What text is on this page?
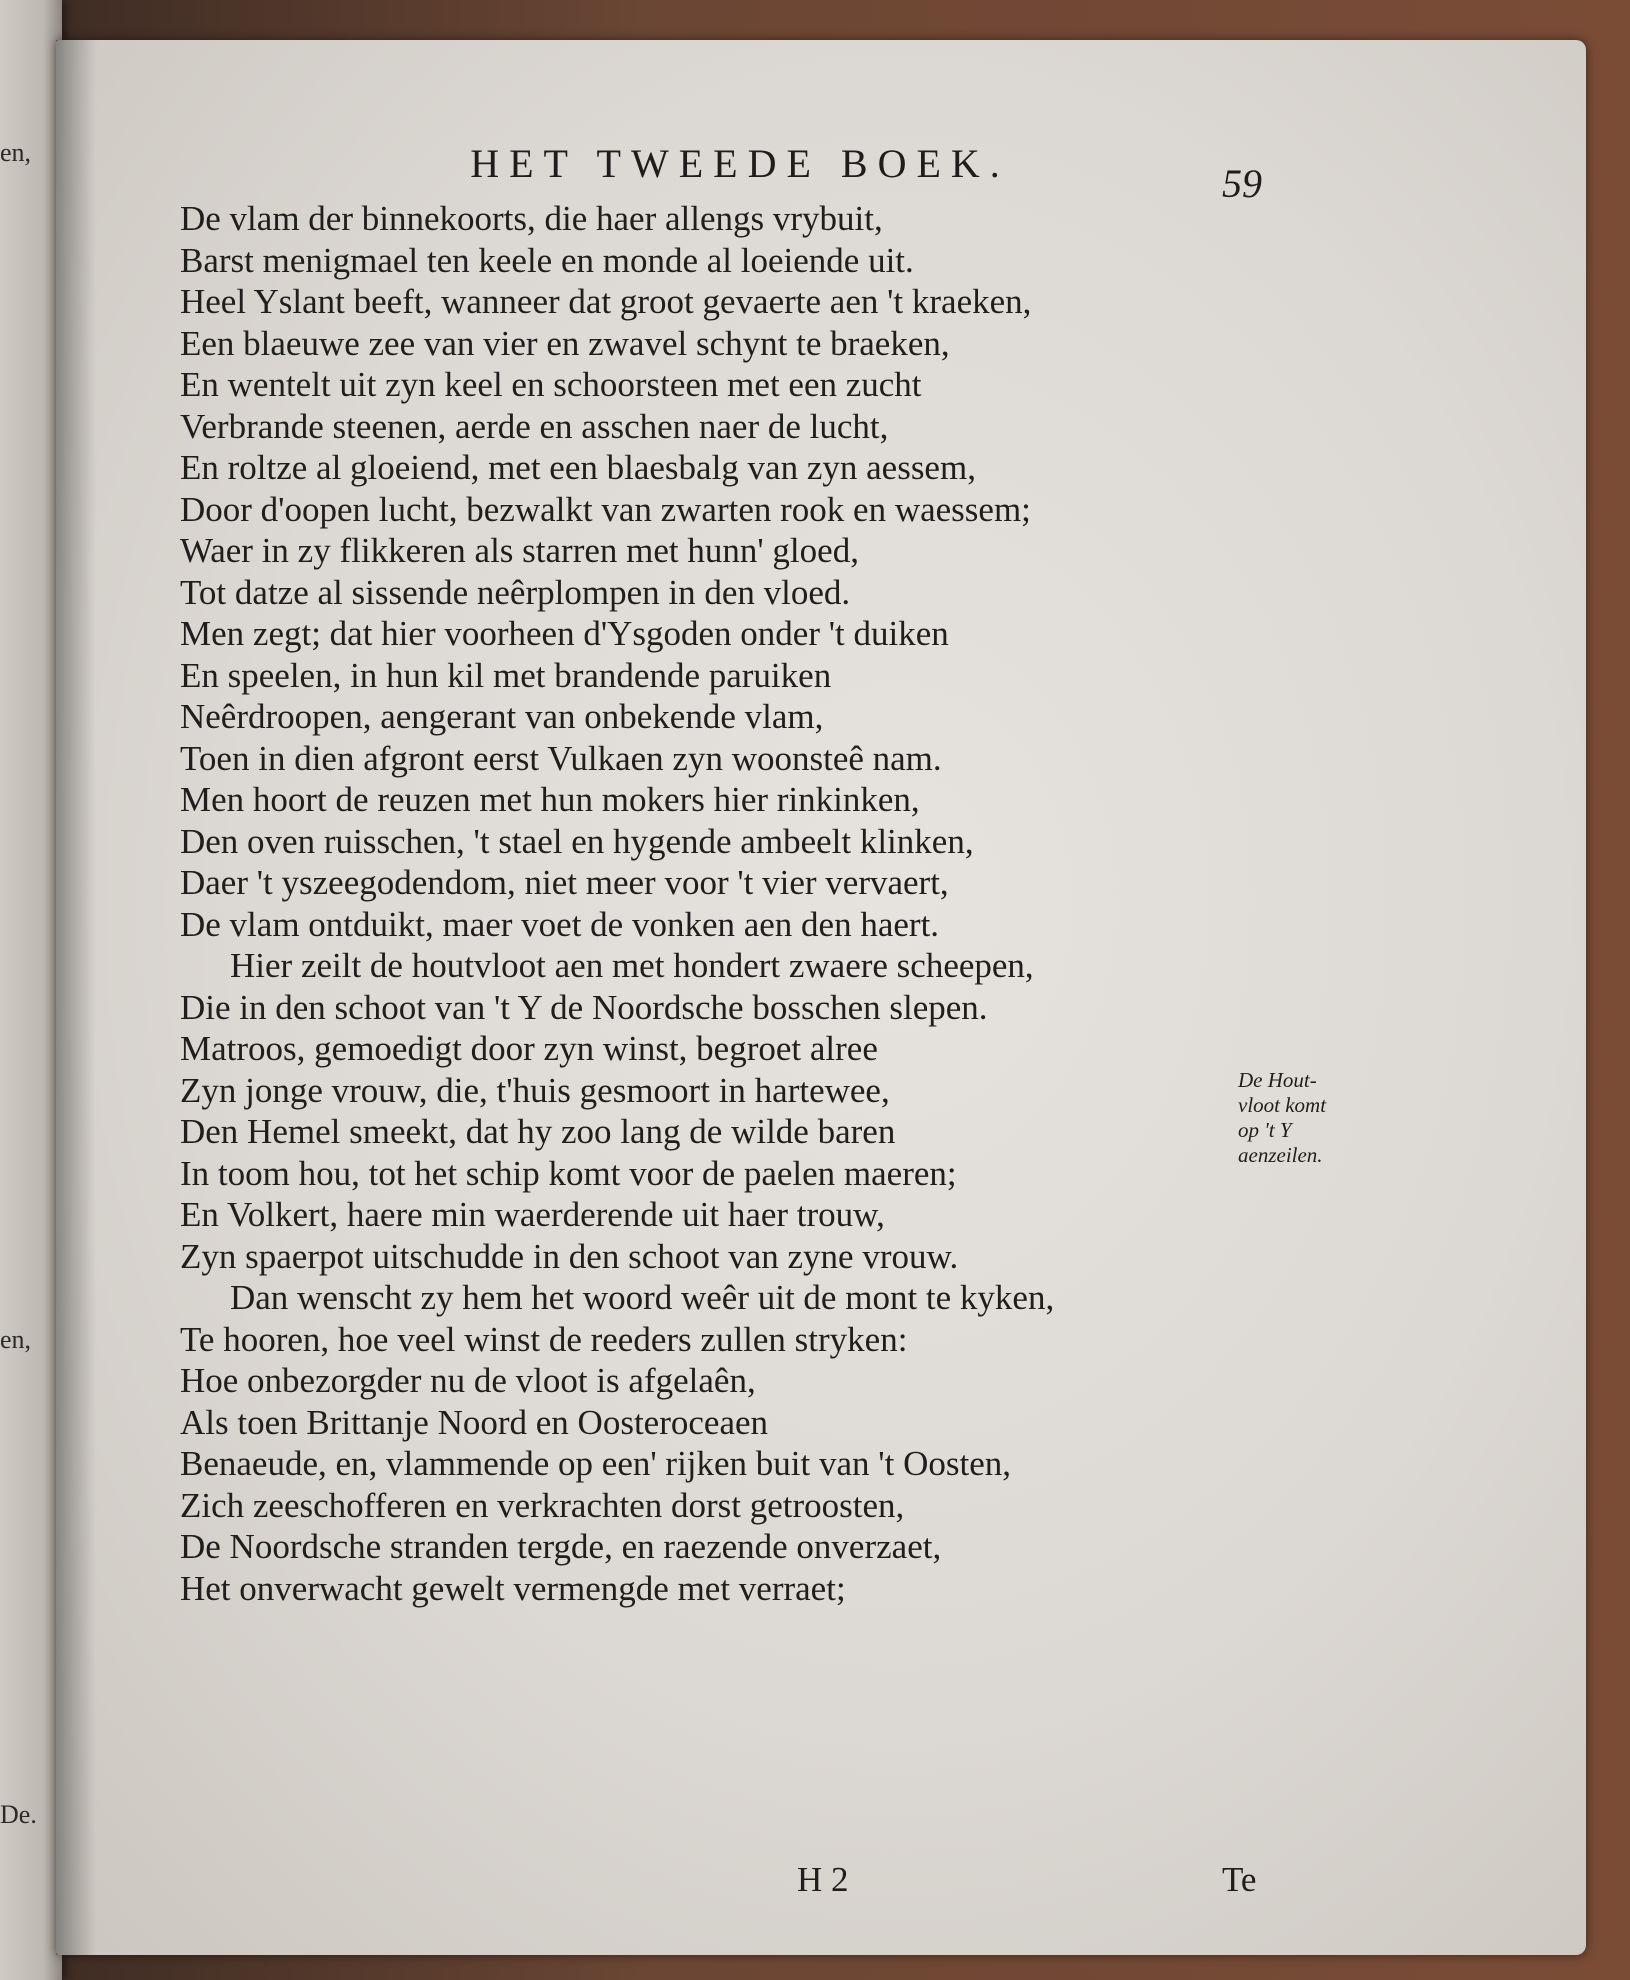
en,
en,
De.
HET TWEEDE BOEK.	59
De vlam der binnekoorts, die haer allengs vrybuit,
Barst menigmael ten keele en monde al loeiende uit.
Heel Yslant beeft, wanneer dat groot gevaerte aen 't kraeken,
Een blaeuwe zee van vier en zwavel schynt te braeken,
En wentelt uit zyn keel en schoorsteen met een zucht
Verbrande steenen, aerde en asschen naer de lucht,
En roltze al gloeiend, met een blaesbalg van zyn aessem,
Door d'oopen lucht, bezwalkt van zwarten rook en waessem;
Waer in zy flikkeren als starren met hunn' gloed,
Tot datze al sissende neêrplompen in den vloed.
Men zegt; dat hier voorheen d'Ysgoden onder 't duiken
En speelen, in hun kil met brandende paruiken
Neêrdroopen, aengerant van onbekende vlam,
Toen in dien afgront eerst Vulkaen zyn woonsteê nam.
Men hoort de reuzen met hun mokers hier rinkinken,
Den oven ruisschen, 't stael en hygende ambeelt klinken,
Daer 't yszeegodendom, niet meer voor 't vier vervaert,
De vlam ontduikt, maer voet de vonken aen den haert.
Hier zeilt de houtvloot aen met hondert zwaere scheepen,
Die in den schoot van 't Y de Noordsche bosschen slepen.
Matroos, gemoedigt door zyn winst, begroet alree
Zyn jonge vrouw, die, t'huis gesmoort in hartewee,
Den Hemel smeekt, dat hy zoo lang de wilde baren
In toom hou, tot het schip komt voor de paelen maeren;
En Volkert, haere min waerderende uit haer trouw,
Zyn spaerpot uitschudde in den schoot van zyne vrouw.
Dan wenscht zy hem het woord weêr uit de mont te kyken,
Te hooren, hoe veel winst de reeders zullen stryken:
Hoe onbezorgder nu de vloot is afgelaên,
Als toen Brittanje Noord en Oosteroceaen
Benaeude, en, vlammende op een' rijken buit van 't Oosten,
Zich zeeschofferen en verkrachten dorst getroosten,
De Noordsche stranden tergde, en raezende onverzaet,
Het onverwacht gewelt vermengde met verraet;
De Hout-
vloot komt
op 't Y
aenzeilen.
H 2	Te
